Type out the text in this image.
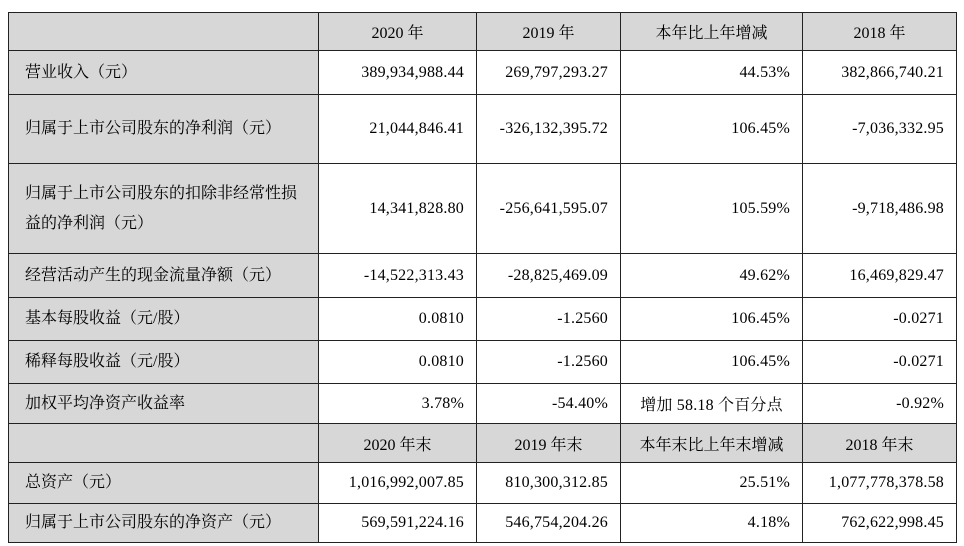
	2020 年	2019 年	本年比上年增减	2018 年
营业收入（元）	389,934,988.44	269,797,293.27	44.53%	382,866,740.21
归属于上市公司股东的净利润（元）	21,044,846.41	-326,132,395.72	106.45%	-7,036,332.95
归属于上市公司股东的扣除非经常性损益的净利润（元）	14,341,828.80	-256,641,595.07	105.59%	-9,718,486.98
经营活动产生的现金流量净额（元）	-14,522,313.43	-28,825,469.09	49.62%	16,469,829.47
基本每股收益（元/股）	0.0810	-1.2560	106.45%	-0.0271
稀释每股收益（元/股）	0.0810	-1.2560	106.45%	-0.0271
加权平均净资产收益率	3.78%	-54.40%	增加 58.18 个百分点	-0.92%
	2020 年末	2019 年末	本年末比上年末增减	2018 年末
总资产（元）	1,016,992,007.85	810,300,312.85	25.51%	1,077,778,378.58
归属于上市公司股东的净资产（元）	569,591,224.16	546,754,204.26	4.18%	762,622,998.45
